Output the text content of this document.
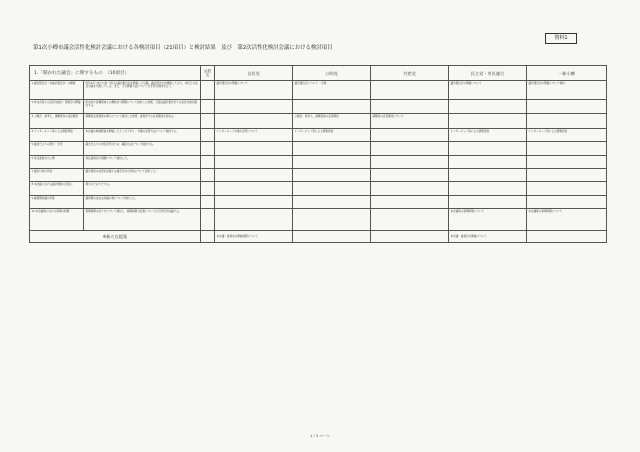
資料1
第1次小樽市議会活性化検討会議における各検討項目（21項目）と検討結果　及び　第2次活性化検討会議における検討項目
1.「開かれた議会」に関するもの　（10項目）		会派名	自民党	公明党	共産党	民主党・市民連合	一新小樽
1 議会報告会（市議会報告会）の開催	昨年6月〜8月に第一回目の議会報告会を開催して以降、議会報告会を開催しており、市民との意見交換を実施している。また、その開催方法について引き続き検討を行う。		議会報告会の開催について	議会報告会について ・会場		議会報告会の開催について	議会報告会の開催について検討
2 町内会等との意見交換会・懇談会の開催	町内会や各種団体との懇談会の開催について検討した結果、当面は議会報告会での意見交換を優先する。						
3 公聴会、参考人、請願者等の意見陳述	請願者意見陳述の導入について検討した結果、委員会での意見陳述を認める。			公聴会、参考人、請願者等の意見陳述	請願者の意見陳述について		
4 インターネット等による情報発信	本会議の映像配信を開始したところであり、今後の活用方法について検討する。		インターネット中継の充実について	インターネット等による情報発信		インターネット等による情報発信	インターネット等による情報発信
5 議会だよりの発行・充実	議会だよりの内容充実のため、編集方法について検討する。						
6 常任委員会の公開	常任委員会の傍聴について検討した。						
7 議会日誌の作成	議会運営の状況を記録する議会日誌の作成について検討した。						
8 本会議における議会運営の見直し	現行のとおりとする。						
9 議員間討議の実施	議員間の自由な討議の場について検討した。						
10 本会議等における質問の時間	質問時間の在り方について検討し、時間制限の変更については引き続き協議する。					本会議等の質問時間について	本会議等の質問時間について
※新たな提案			本会議・委員会の開催時間について			本会議・委員会の開催について	
1 / 3 ページ
